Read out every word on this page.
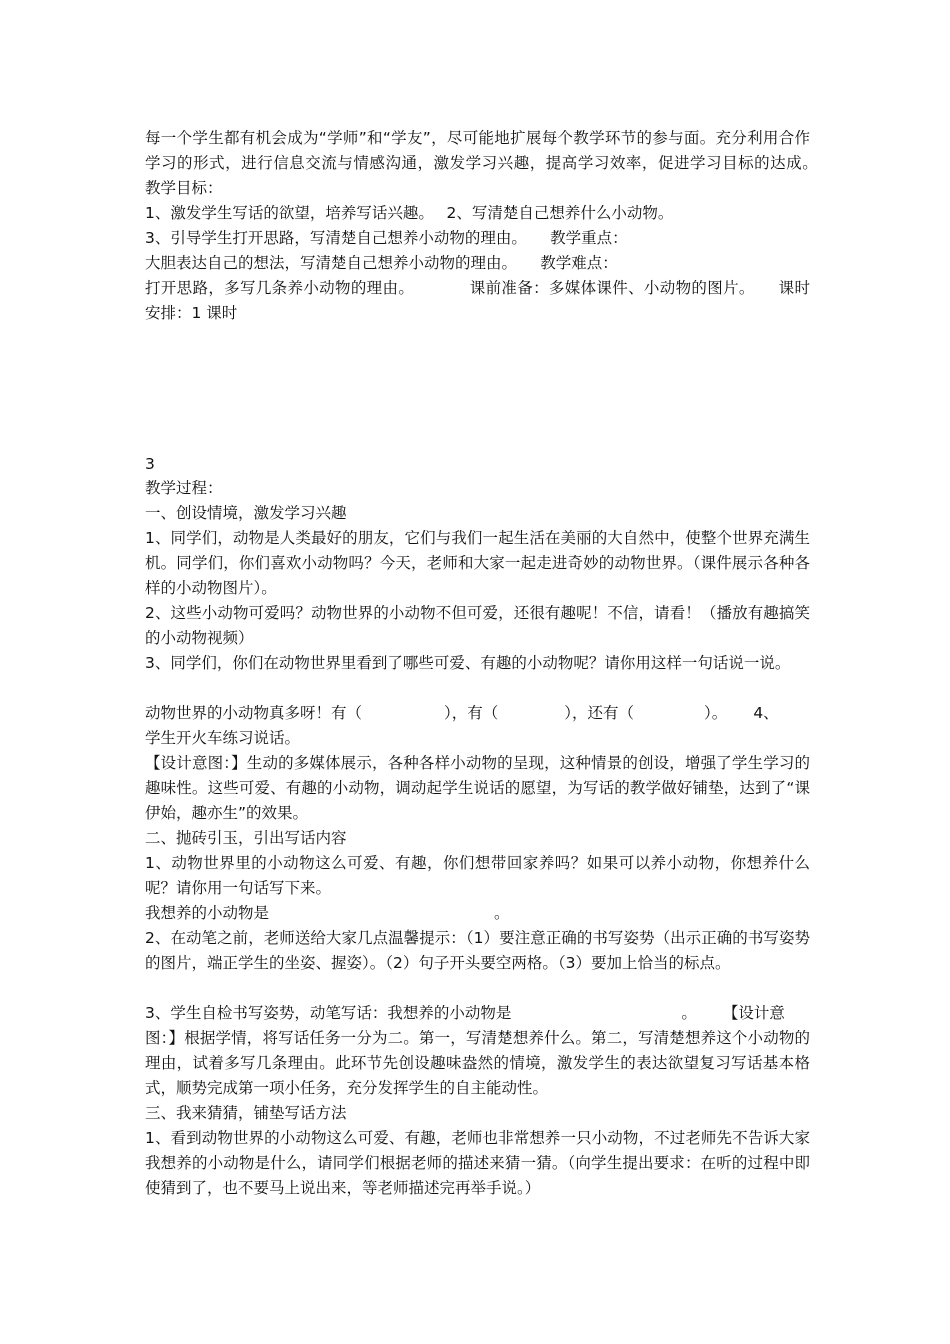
每一个学生都有机会成为“学师”和“学友”，尽可能地扩展每个教学环节的参与面。充分利用合作学习的形式，进行信息交流与情感沟通，激发学习兴趣，提高学习效率，促进学习目标的达成。　　教学目标：

1、激发学生写话的欲望，培养写话兴趣。　 2、写清楚自己想养什么小动物。

3、引导学生打开思路，写清楚自己想养小动物的理由。　　教学重点：

大胆表达自己的想法，写清楚自己想养小动物的理由。　　教学难点：

打开思路，多写几条养小动物的理由。　　　　课前准备：多媒体课件、小动物的图片。　　课时安排：1 课时

3

教学过程：

一、创设情境，激发学习兴趣

1、同学们，动物是人类最好的朋友，它们与我们一起生活在美丽的大自然中，使整个世界充满生机。同学们，你们喜欢小动物吗？今天，老师和大家一起走进奇妙的动物世界。（课件展示各种各样的小动物图片）。

2、这些小动物可爱吗？动物世界的小动物不但可爱，还很有趣呢！不信，请看！（播放有趣搞笑的小动物视频）

3、同学们，你们在动物世界里看到了哪些可爱、有趣的小动物呢？请你用这样一句话说一说。

动物世界的小动物真多呀！有（	），有（	），还有（	）。 4、

学生开火车练习说话。

【设计意图：】生动的多媒体展示，各种各样小动物的呈现，这种情景的创设，增强了学生学习的趣味性。这些可爱、有趣的小动物，调动起学生说话的愿望，为写话的教学做好铺垫，达到了“课伊始，趣亦生”的效果。

二、抛砖引玉，引出写话内容

1、动物世界里的小动物这么可爱、有趣，你们想带回家养吗？如果可以养小动物，你想养什么呢？请你用一句话写下来。

我想养的小动物是	。

2、在动笔之前，老师送给大家几点温馨提示：（1）要注意正确的书写姿势（出示正确的书写姿势的图片，端正学生的坐姿、握姿）。（2）句子开头要空两格。（3）要加上恰当的标点。

3、学生自检书写姿势，动笔写话：我想养的小动物是	。 【设计意

图：】根据学情，将写话任务一分为二。第一，写清楚想养什么。第二，写清楚想养这个小动物的理由，试着多写几条理由。此环节先创设趣味盎然的情境，激发学生的表达欲望复习写话基本格式，顺势完成第一项小任务，充分发挥学生的自主能动性。

三、我来猜猜，铺垫写话方法

1、看到动物世界的小动物这么可爱、有趣，老师也非常想养一只小动物，不过老师先不告诉大家我想养的小动物是什么，请同学们根据老师的描述来猜一猜。（向学生提出要求：在听的过程中即使猜到了，也不要马上说出来，等老师描述完再举手说。）
